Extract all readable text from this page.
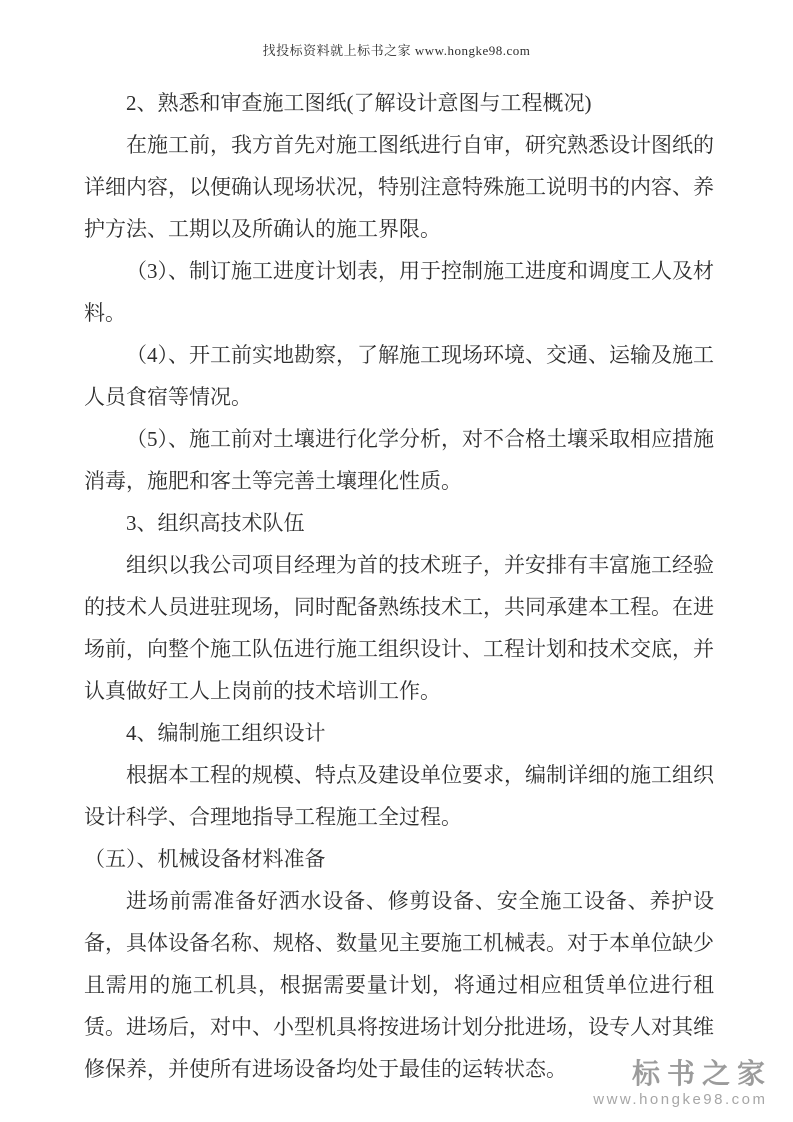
找投标资料就上标书之家 www.hongke98.com

2、熟悉和审查施工图纸(了解设计意图与工程概况)

在施工前，我方首先对施工图纸进行自审，研究熟悉设计图纸的详细内容，以便确认现场状况，特别注意特殊施工说明书的内容、养护方法、工期以及所确认的施工界限。

（3）、制订施工进度计划表，用于控制施工进度和调度工人及材料。

（4）、开工前实地勘察，了解施工现场环境、交通、运输及施工人员食宿等情况。

（5）、施工前对土壤进行化学分析，对不合格土壤采取相应措施消毒，施肥和客土等完善土壤理化性质。

3、组织高技术队伍

组织以我公司项目经理为首的技术班子，并安排有丰富施工经验的技术人员进驻现场，同时配备熟练技术工，共同承建本工程。在进场前，向整个施工队伍进行施工组织设计、工程计划和技术交底，并认真做好工人上岗前的技术培训工作。

4、编制施工组织设计

根据本工程的规模、特点及建设单位要求，编制详细的施工组织设计科学、合理地指导工程施工全过程。

（五）、机械设备材料准备

进场前需准备好洒水设备、修剪设备、安全施工设备、养护设备，具体设备名称、规格、数量见主要施工机械表。对于本单位缺少且需用的施工机具，根据需要量计划，将通过相应租赁单位进行租赁。进场后，对中、小型机具将按进场计划分批进场，设专人对其维修保养，并使所有进场设备均处于最佳的运转状态。	标书之家
www.hongke98.com
